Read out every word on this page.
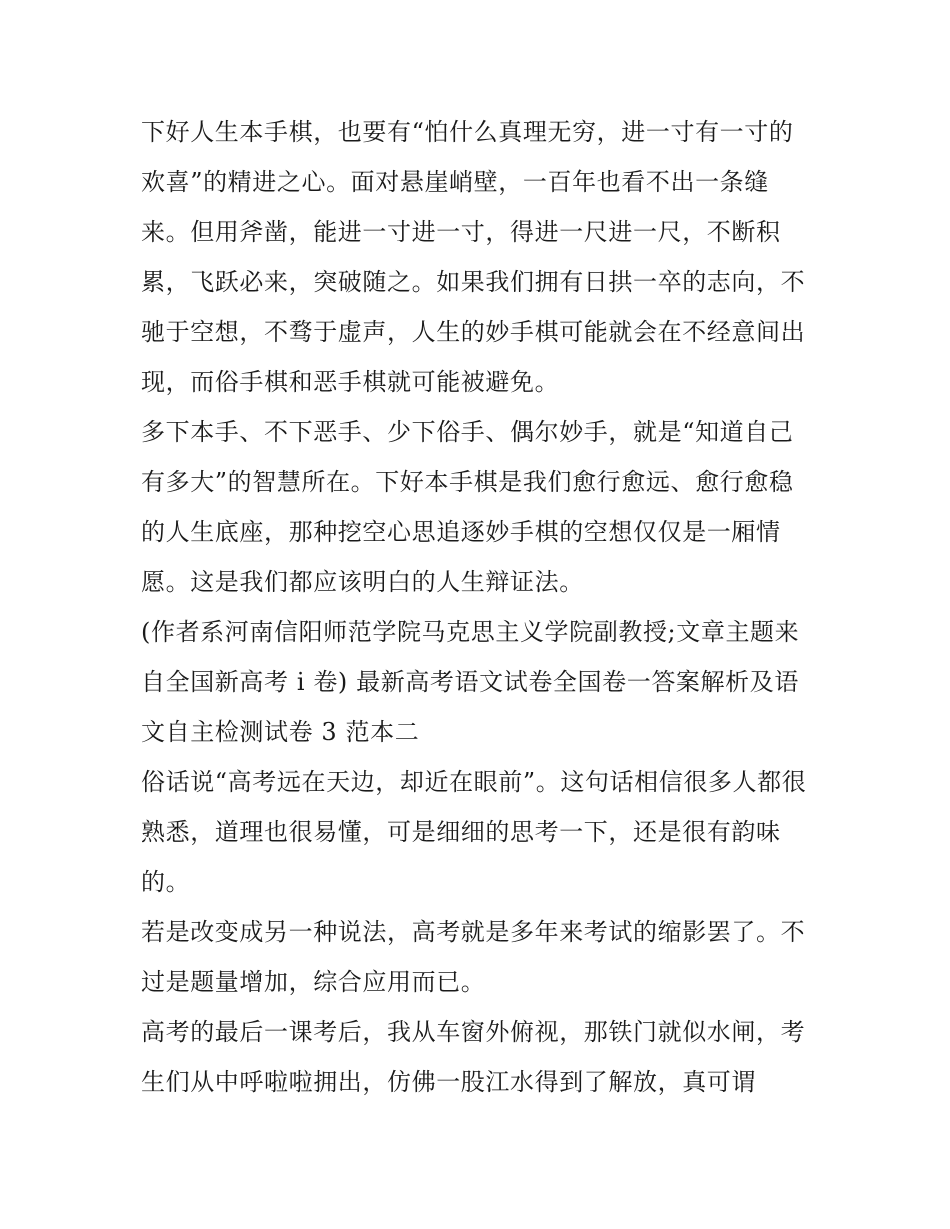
下好人生本手棋，也要有“怕什么真理无穷，进一寸有一寸的
欢喜”的精进之心。面对悬崖峭壁，一百年也看不出一条缝
来。但用斧凿，能进一寸进一寸，得进一尺进一尺，不断积
累，飞跃必来，突破随之。如果我们拥有日拱一卒的志向，不
驰于空想，不骛于虚声，人生的妙手棋可能就会在不经意间出
现，而俗手棋和恶手棋就可能被避免。
多下本手、不下恶手、少下俗手、偶尔妙手，就是“知道自己
有多大”的智慧所在。下好本手棋是我们愈行愈远、愈行愈稳
的人生底座，那种挖空心思追逐妙手棋的空想仅仅是一厢情
愿。这是我们都应该明白的人生辩证法。
(作者系河南信阳师范学院马克思主义学院副教授;文章主题来
自全国新高考 i 卷) 最新高考语文试卷全国卷一答案解析及语
文自主检测试卷 3 范本二
俗话说“高考远在天边，却近在眼前”。这句话相信很多人都很
熟悉，道理也很易懂，可是细细的思考一下，还是很有韵味
的。
若是改变成另一种说法，高考就是多年来考试的缩影罢了。不
过是题量增加，综合应用而已。
高考的最后一课考后，我从车窗外俯视，那铁门就似水闸，考
生们从中呼啦啦拥出，仿佛一股江水得到了解放，真可谓
